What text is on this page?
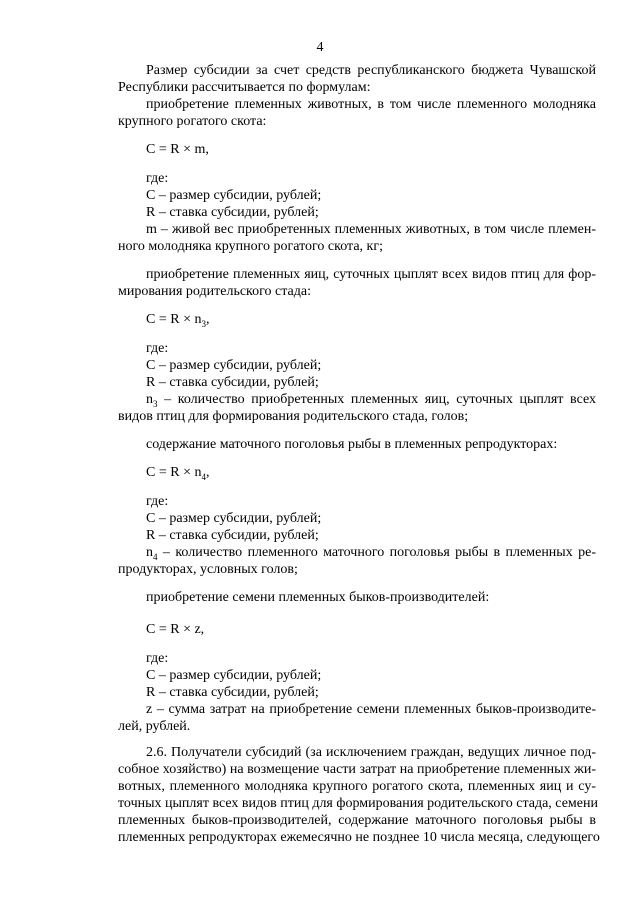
4
Размер субсидии за счет средств республиканского бюджета Чувашской
Республики рассчитывается по формулам:
приобретение племенных животных, в том числе племенного молодняка
крупного рогатого скота:
C = R × m,
где:
С – размер субсидии, рублей;
R – ставка субсидии, рублей;
m – живой вес приобретенных племенных животных, в том числе племен-
ного молодняка крупного рогатого скота, кг;
приобретение племенных яиц, суточных цыплят всех видов птиц для фор-
мирования родительского стада:
$C = R \times n_3$,
где:
С – размер субсидии, рублей;
R – ставка субсидии, рублей;
$n_3$ – количество приобретенных племенных яиц, суточных цыплят всех
видов птиц для формирования родительского стада, голов;
содержание маточного поголовья рыбы в племенных репродукторах:
$C = R \times n_4$,
где:
С – размер субсидии, рублей;
R – ставка субсидии, рублей;
$n_4$ – количество племенного маточного поголовья рыбы в племенных ре-
продукторах, условных голов;
приобретение семени племенных быков-производителей:
C = R × z,
где:
С – размер субсидии, рублей;
R – ставка субсидии, рублей;
z – сумма затрат на приобретение семени племенных быков-производите-
лей, рублей.
2.6. Получатели субсидий (за исключением граждан, ведущих личное под-
собное хозяйство) на возмещение части затрат на приобретение племенных жи-
вотных, племенного молодняка крупного рогатого скота, племенных яиц и су-
точных цыплят всех видов птиц для формирования родительского стада, семени
племенных быков-производителей, содержание маточного поголовья рыбы в
племенных репродукторах ежемесячно не позднее 10 числа месяца, следующего
